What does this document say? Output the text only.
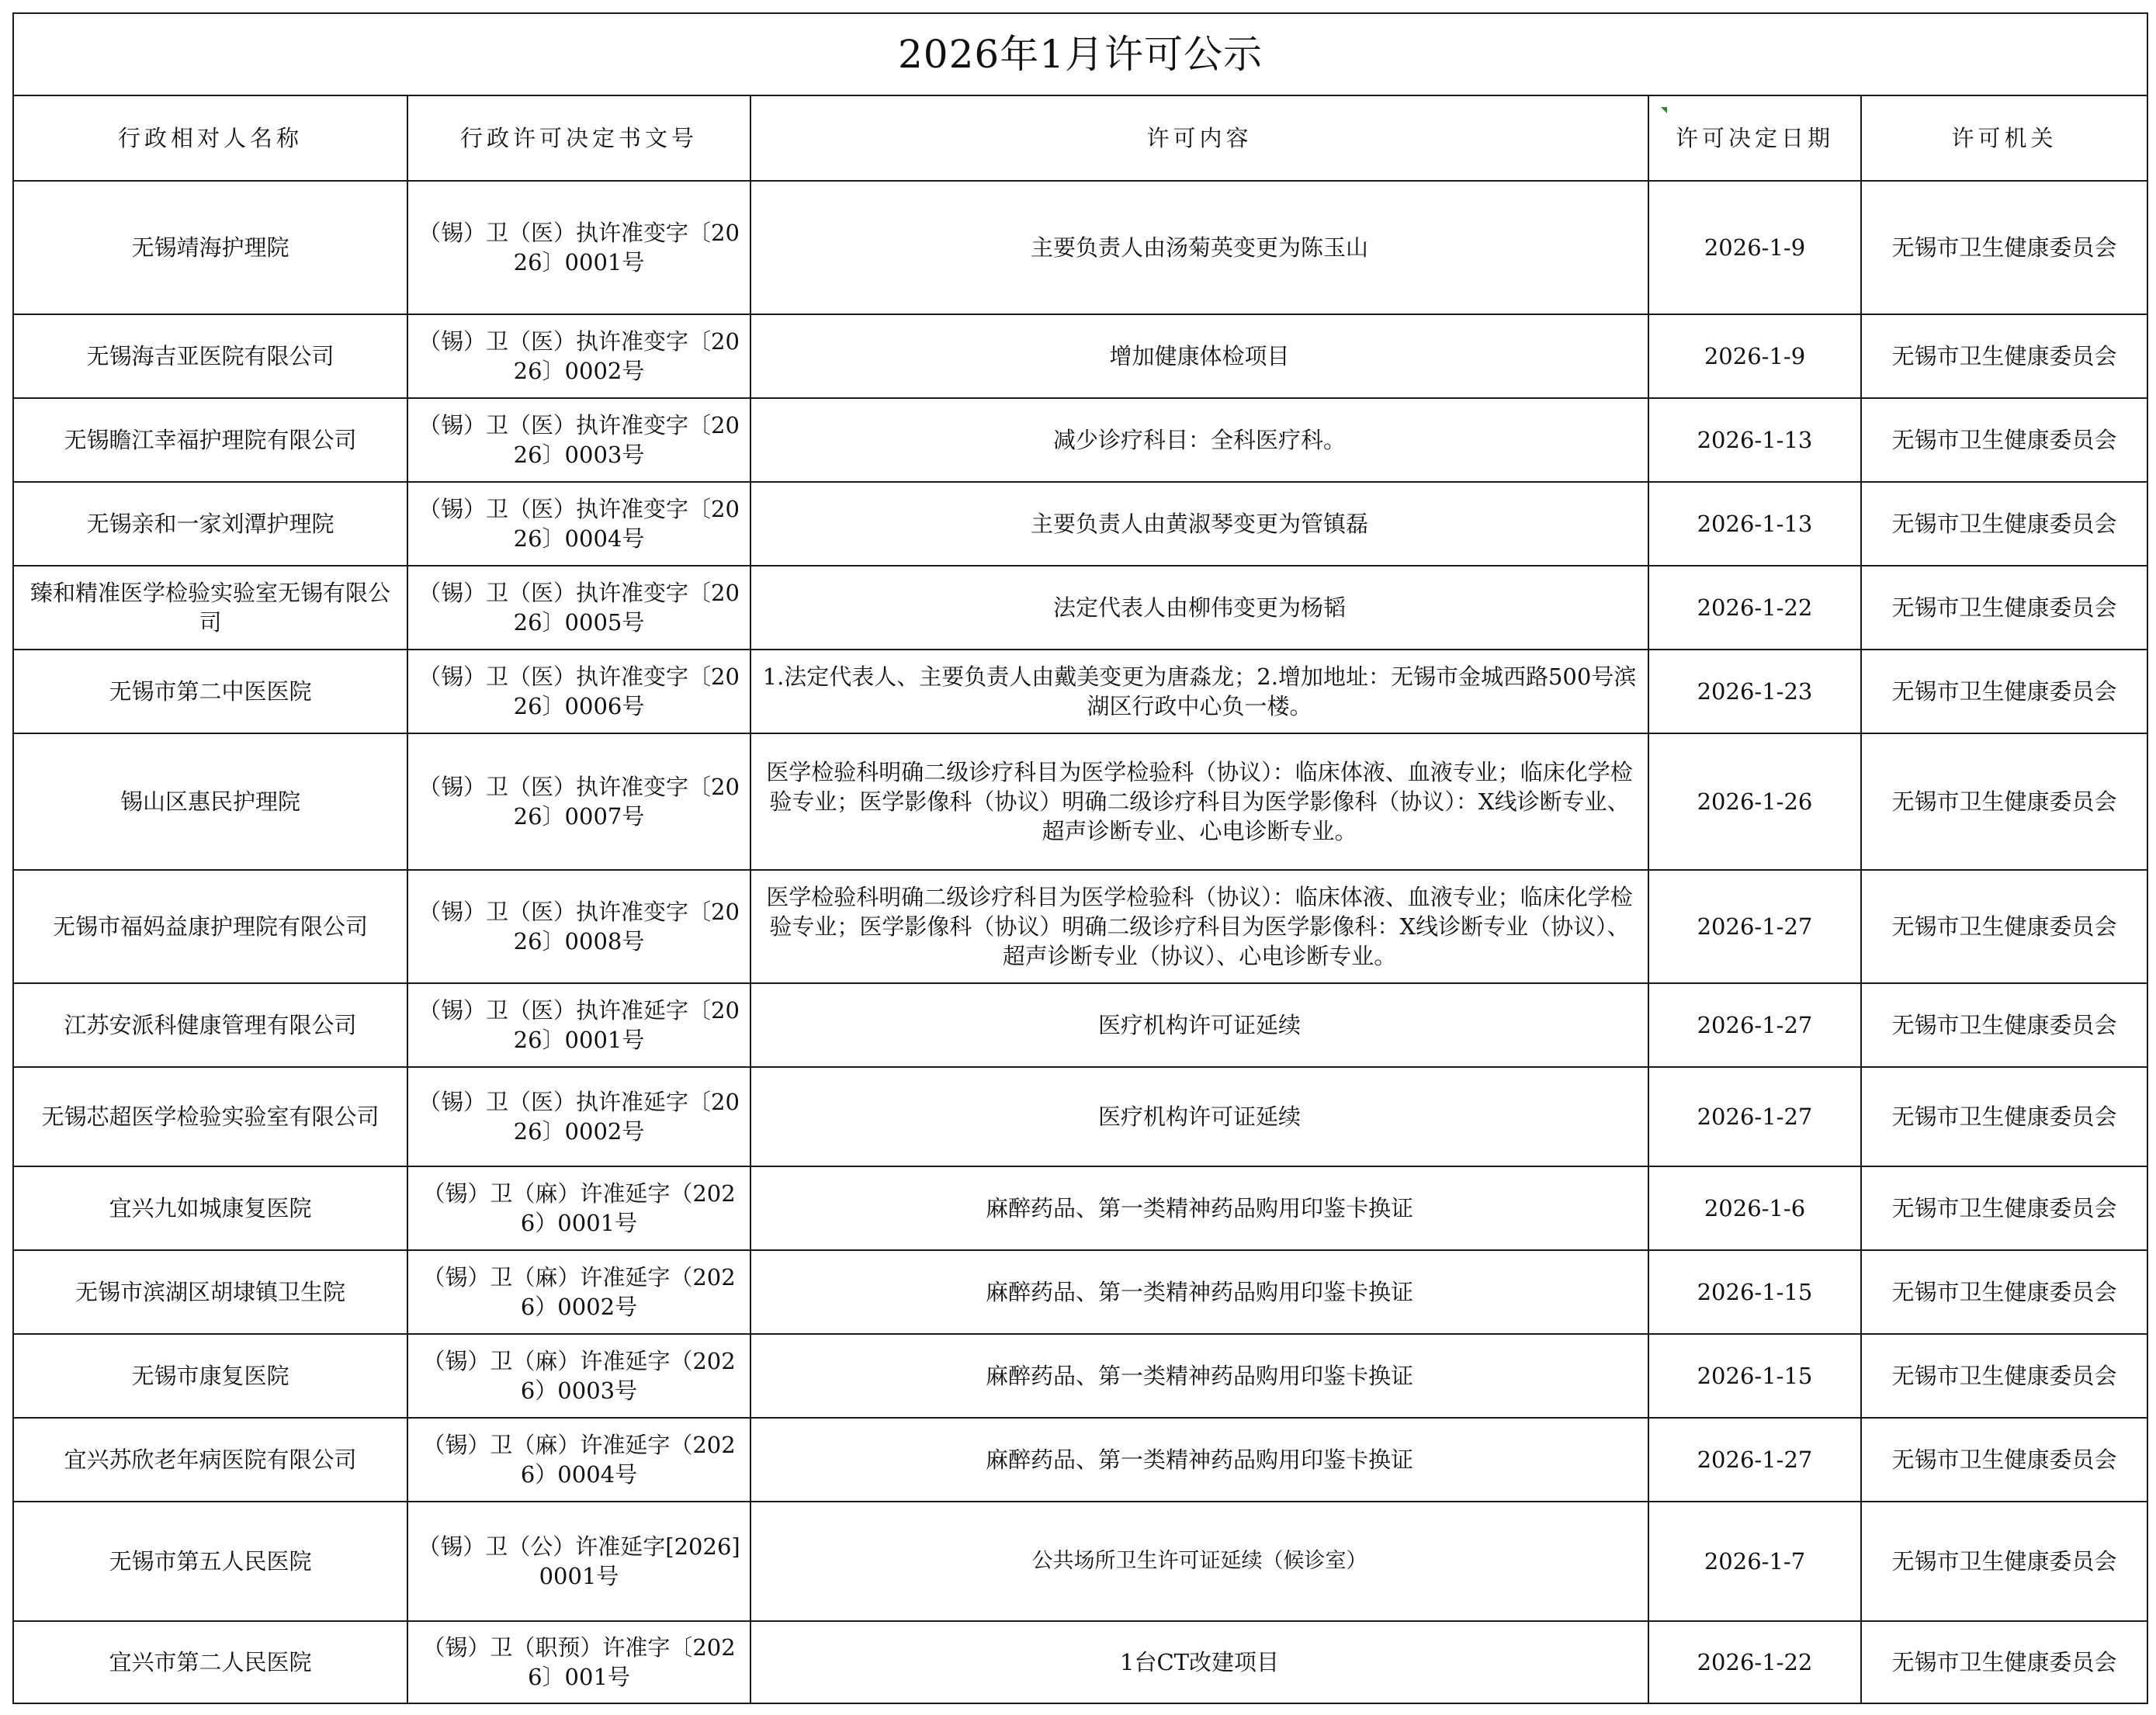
2026年1月许可公示				
行政相对人名称	行政许可决定书文号	许可内容	许可决定日期	许可机关
无锡靖海护理院	（锡）卫（医）执许准变字〔2026〕0001号	主要负责人由汤菊英变更为陈玉山	2026-1-9	无锡市卫生健康委员会
无锡海吉亚医院有限公司	（锡）卫（医）执许准变字〔2026〕0002号	增加健康体检项目	2026-1-9	无锡市卫生健康委员会
无锡瞻江幸福护理院有限公司	（锡）卫（医）执许准变字〔2026〕0003号	减少诊疗科目：全科医疗科。	2026-1-13	无锡市卫生健康委员会
无锡亲和一家刘潭护理院	（锡）卫（医）执许准变字〔2026〕0004号	主要负责人由黄淑琴变更为管镇磊	2026-1-13	无锡市卫生健康委员会
臻和精准医学检验实验室无锡有限公司	（锡）卫（医）执许准变字〔2026〕0005号	法定代表人由柳伟变更为杨韬	2026-1-22	无锡市卫生健康委员会
无锡市第二中医医院	（锡）卫（医）执许准变字〔2026〕0006号	1.法定代表人、主要负责人由戴美变更为唐淼龙；2.增加地址：无锡市金城西路500号滨湖区行政中心负一楼。	2026-1-23	无锡市卫生健康委员会
锡山区惠民护理院	（锡）卫（医）执许准变字〔2026〕0007号	医学检验科明确二级诊疗科目为医学检验科（协议）：临床体液、血液专业；临床化学检验专业；医学影像科（协议）明确二级诊疗科目为医学影像科（协议）：X线诊断专业、超声诊断专业、心电诊断专业。	2026-1-26	无锡市卫生健康委员会
无锡市福妈益康护理院有限公司	（锡）卫（医）执许准变字〔2026〕0008号	医学检验科明确二级诊疗科目为医学检验科（协议）：临床体液、血液专业；临床化学检验专业；医学影像科（协议）明确二级诊疗科目为医学影像科：X线诊断专业（协议）、超声诊断专业（协议）、心电诊断专业。	2026-1-27	无锡市卫生健康委员会
江苏安派科健康管理有限公司	（锡）卫（医）执许准延字〔2026〕0001号	医疗机构许可证延续	2026-1-27	无锡市卫生健康委员会
无锡芯超医学检验实验室有限公司	（锡）卫（医）执许准延字〔2026〕0002号	医疗机构许可证延续	2026-1-27	无锡市卫生健康委员会
宜兴九如城康复医院	（锡）卫（麻）许准延字（2026）0001号	麻醉药品、第一类精神药品购用印鉴卡换证	2026-1-6	无锡市卫生健康委员会
无锡市滨湖区胡埭镇卫生院	（锡）卫（麻）许准延字（2026）0002号	麻醉药品、第一类精神药品购用印鉴卡换证	2026-1-15	无锡市卫生健康委员会
无锡市康复医院	（锡）卫（麻）许准延字（2026）0003号	麻醉药品、第一类精神药品购用印鉴卡换证	2026-1-15	无锡市卫生健康委员会
宜兴苏欣老年病医院有限公司	（锡）卫（麻）许准延字（2026）0004号	麻醉药品、第一类精神药品购用印鉴卡换证	2026-1-27	无锡市卫生健康委员会
无锡市第五人民医院	（锡）卫（公）许准延字[2026]0001号	公共场所卫生许可证延续（候诊室）	2026-1-7	无锡市卫生健康委员会
宜兴市第二人民医院	（锡）卫（职预）许准字〔2026〕001号	1台CT改建项目	2026-1-22	无锡市卫生健康委员会
